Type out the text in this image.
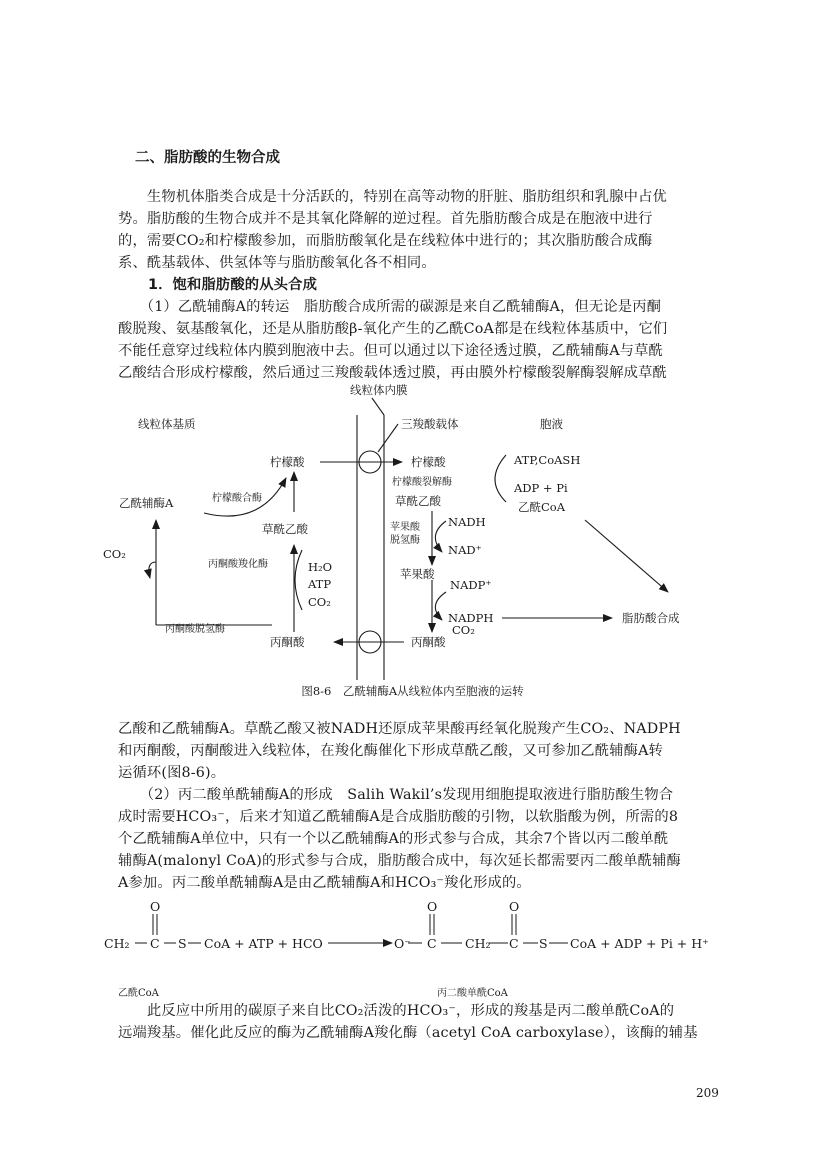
二、脂肪酸的生物合成
　　生物机体脂类合成是十分活跃的，特别在高等动物的肝脏、脂肪组织和乳腺中占优
势。脂肪酸的生物合成并不是其氧化降解的逆过程。首先脂肪酸合成是在胞液中进行
的，需要CO₂和柠檬酸参加，而脂肪酸氧化是在线粒体中进行的；其次脂肪酸合成酶
系、酰基载体、供氢体等与脂肪酸氧化各不相同。
1．饱和脂肪酸的从头合成
　　（1）乙酰辅酶A的转运　脂肪酸合成所需的碳源是来自乙酰辅酶A，但无论是丙酮
酸脱羧、氨基酸氧化，还是从脂肪酸β-氧化产生的乙酰CoA都是在线粒体基质中，它们
不能任意穿过线粒体内膜到胞液中去。但可以通过以下途径透过膜，乙酰辅酶A与草酰
乙酸结合形成柠檬酸，然后通过三羧酸载体透过膜，再由膜外柠檬酸裂解酶裂解成草酰
线粒体内膜
线粒体基质	三羧酸载体	胞液
柠檬酸	柠檬酸	ATP,CoASH
柠檬酸裂解酶	ADP + Pi
乙酰辅酶A	柠檬酸合酶	草酰乙酸	乙酰CoA
草酰乙酸	NADH
苹果酸脱氢酶
NAD⁺
CO₂
丙酮酸羧化酶	H₂O	苹果酸
NADP⁺
ATP
CO₂
NADPH	脂肪酸合成
CO₂
丙酮酸脱氢酶
丙酮酸	丙酮酸
图8-6　乙酰辅酶A从线粒体内至胞液的运转
乙酸和乙酰辅酶A。草酰乙酸又被NADH还原成苹果酸再经氧化脱羧产生CO₂、NADPH
和丙酮酸，丙酮酸进入线粒体，在羧化酶催化下形成草酰乙酸，又可参加乙酰辅酶A转
运循环(图8-6)。
　　（2）丙二酸单酰辅酶A的形成　Salih Wakil’s发现用细胞提取液进行脂肪酸生物合
成时需要HCO₃⁻，后来才知道乙酰辅酶A是合成脂肪酸的引物，以软脂酸为例，所需的8
个乙酰辅酶A单位中，只有一个以乙酰辅酶A的形式参与合成，其余7个皆以丙二酸单酰
辅酶A(malonyl CoA)的形式参与合成，脂肪酸合成中，每次延长都需要丙二酸单酰辅酶
A参加。丙二酸单酰辅酶A是由乙酰辅酶A和HCO₃⁻羧化形成的。
O	O	O
CH₂ C S CoA + ATP + HCO	O⁻ C CH₂ C S CoA + ADP + Pi + H⁺
乙酰CoA	丙二酸单酰CoA
　　此反应中所用的碳原子来自比CO₂活泼的HCO₃⁻，形成的羧基是丙二酸单酰CoA的
远端羧基。催化此反应的酶为乙酰辅酶A羧化酶（acetyl CoA carboxylase），该酶的辅基
209
